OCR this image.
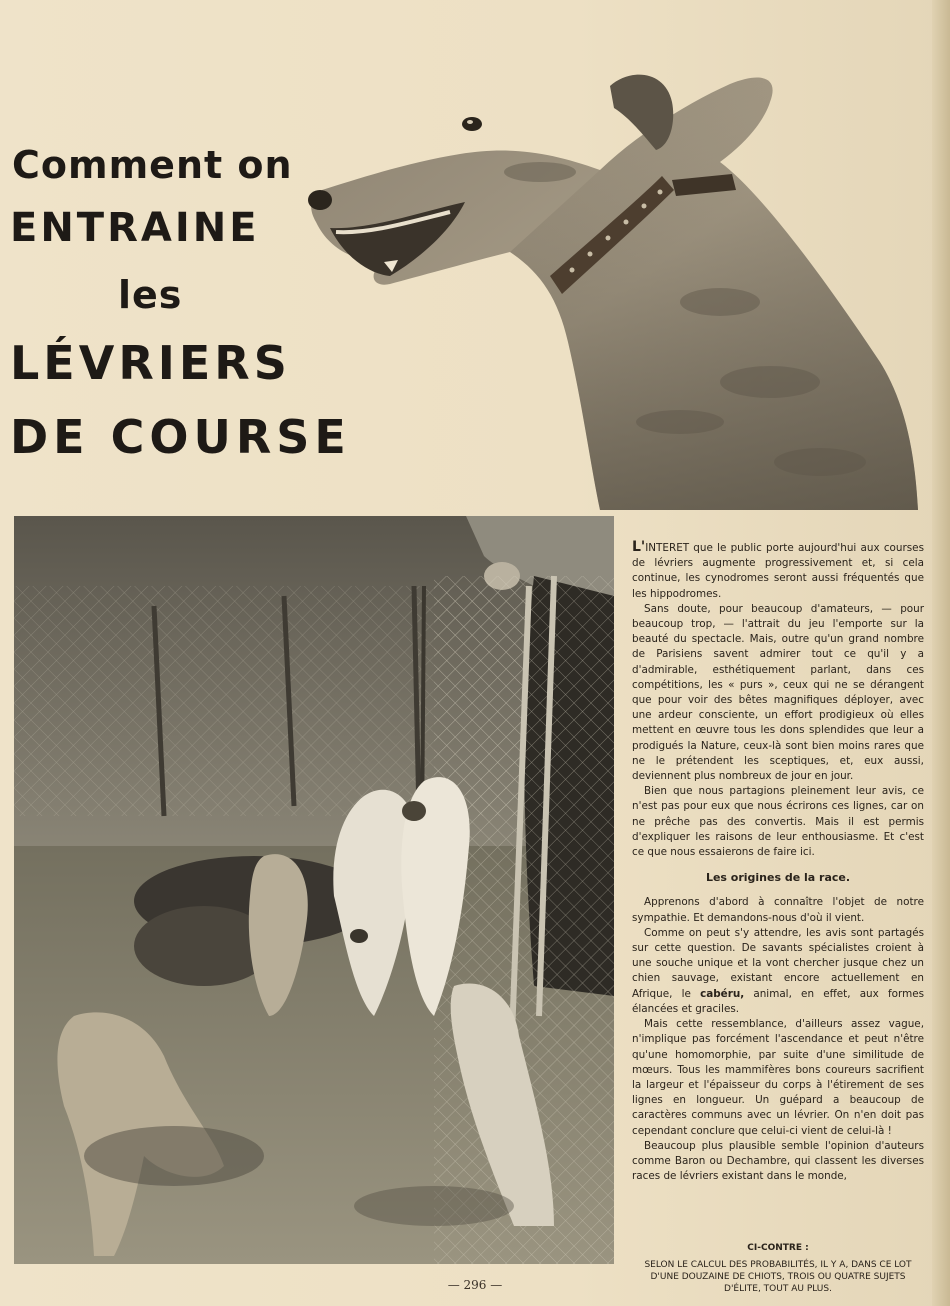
Comment on
ENTRAINE
les
LÉVRIERS
DE COURSE

L'INTERET que le public porte aujourd'hui aux courses de lévriers augmente progressivement et, si cela continue, les cynodromes seront aussi fréquentés que les hippodromes.

Sans doute, pour beaucoup d'amateurs, — pour beaucoup trop, — l'attrait du jeu l'emporte sur la beauté du spectacle. Mais, outre qu'un grand nombre de Parisiens savent admirer tout ce qu'il y a d'admirable, esthétiquement parlant, dans ces compétitions, les « purs », ceux qui ne se dérangent que pour voir des bêtes magnifiques déployer, avec une ardeur consciente, un effort prodigieux où elles mettent en œuvre tous les dons splendides que leur a prodigués la Nature, ceux-là sont bien moins rares que ne le prétendent les sceptiques, et, eux aussi, deviennent plus nombreux de jour en jour.

Bien que nous partagions pleinement leur avis, ce n'est pas pour eux que nous écrirons ces lignes, car on ne prêche pas des convertis. Mais il est permis d'expliquer les raisons de leur enthousiasme. Et c'est ce que nous essaierons de faire ici.

Les origines de la race.

Apprenons d'abord à connaître l'objet de notre sympathie. Et demandons-nous d'où il vient.

Comme on peut s'y attendre, les avis sont partagés sur cette question. De savants spécialistes croient à une souche unique et la vont chercher jusque chez un chien sauvage, existant encore actuellement en Afrique, le cabéru, animal, en effet, aux formes élancées et graciles.

Mais cette ressemblance, d'ailleurs assez vague, n'implique pas forcément l'ascendance et peut n'être qu'une homomorphie, par suite d'une similitude de mœurs. Tous les mammifères bons coureurs sacrifient la largeur et l'épaisseur du corps à l'étirement de ses lignes en longueur. Un guépard a beaucoup de caractères communs avec un lévrier. On n'en doit pas cependant conclure que celui-ci vient de celui-là !

Beaucoup plus plausible semble l'opinion d'auteurs comme Baron ou Dechambre, qui classent les diverses races de lévriers existant dans le monde,

CI-CONTRE :
SELON LE CALCUL DES PROBABILITÉS, IL Y A, DANS CE LOT D'UNE DOUZAINE DE CHIOTS, TROIS OU QUATRE SUJETS D'ÉLITE, TOUT AU PLUS.
— 296 —
